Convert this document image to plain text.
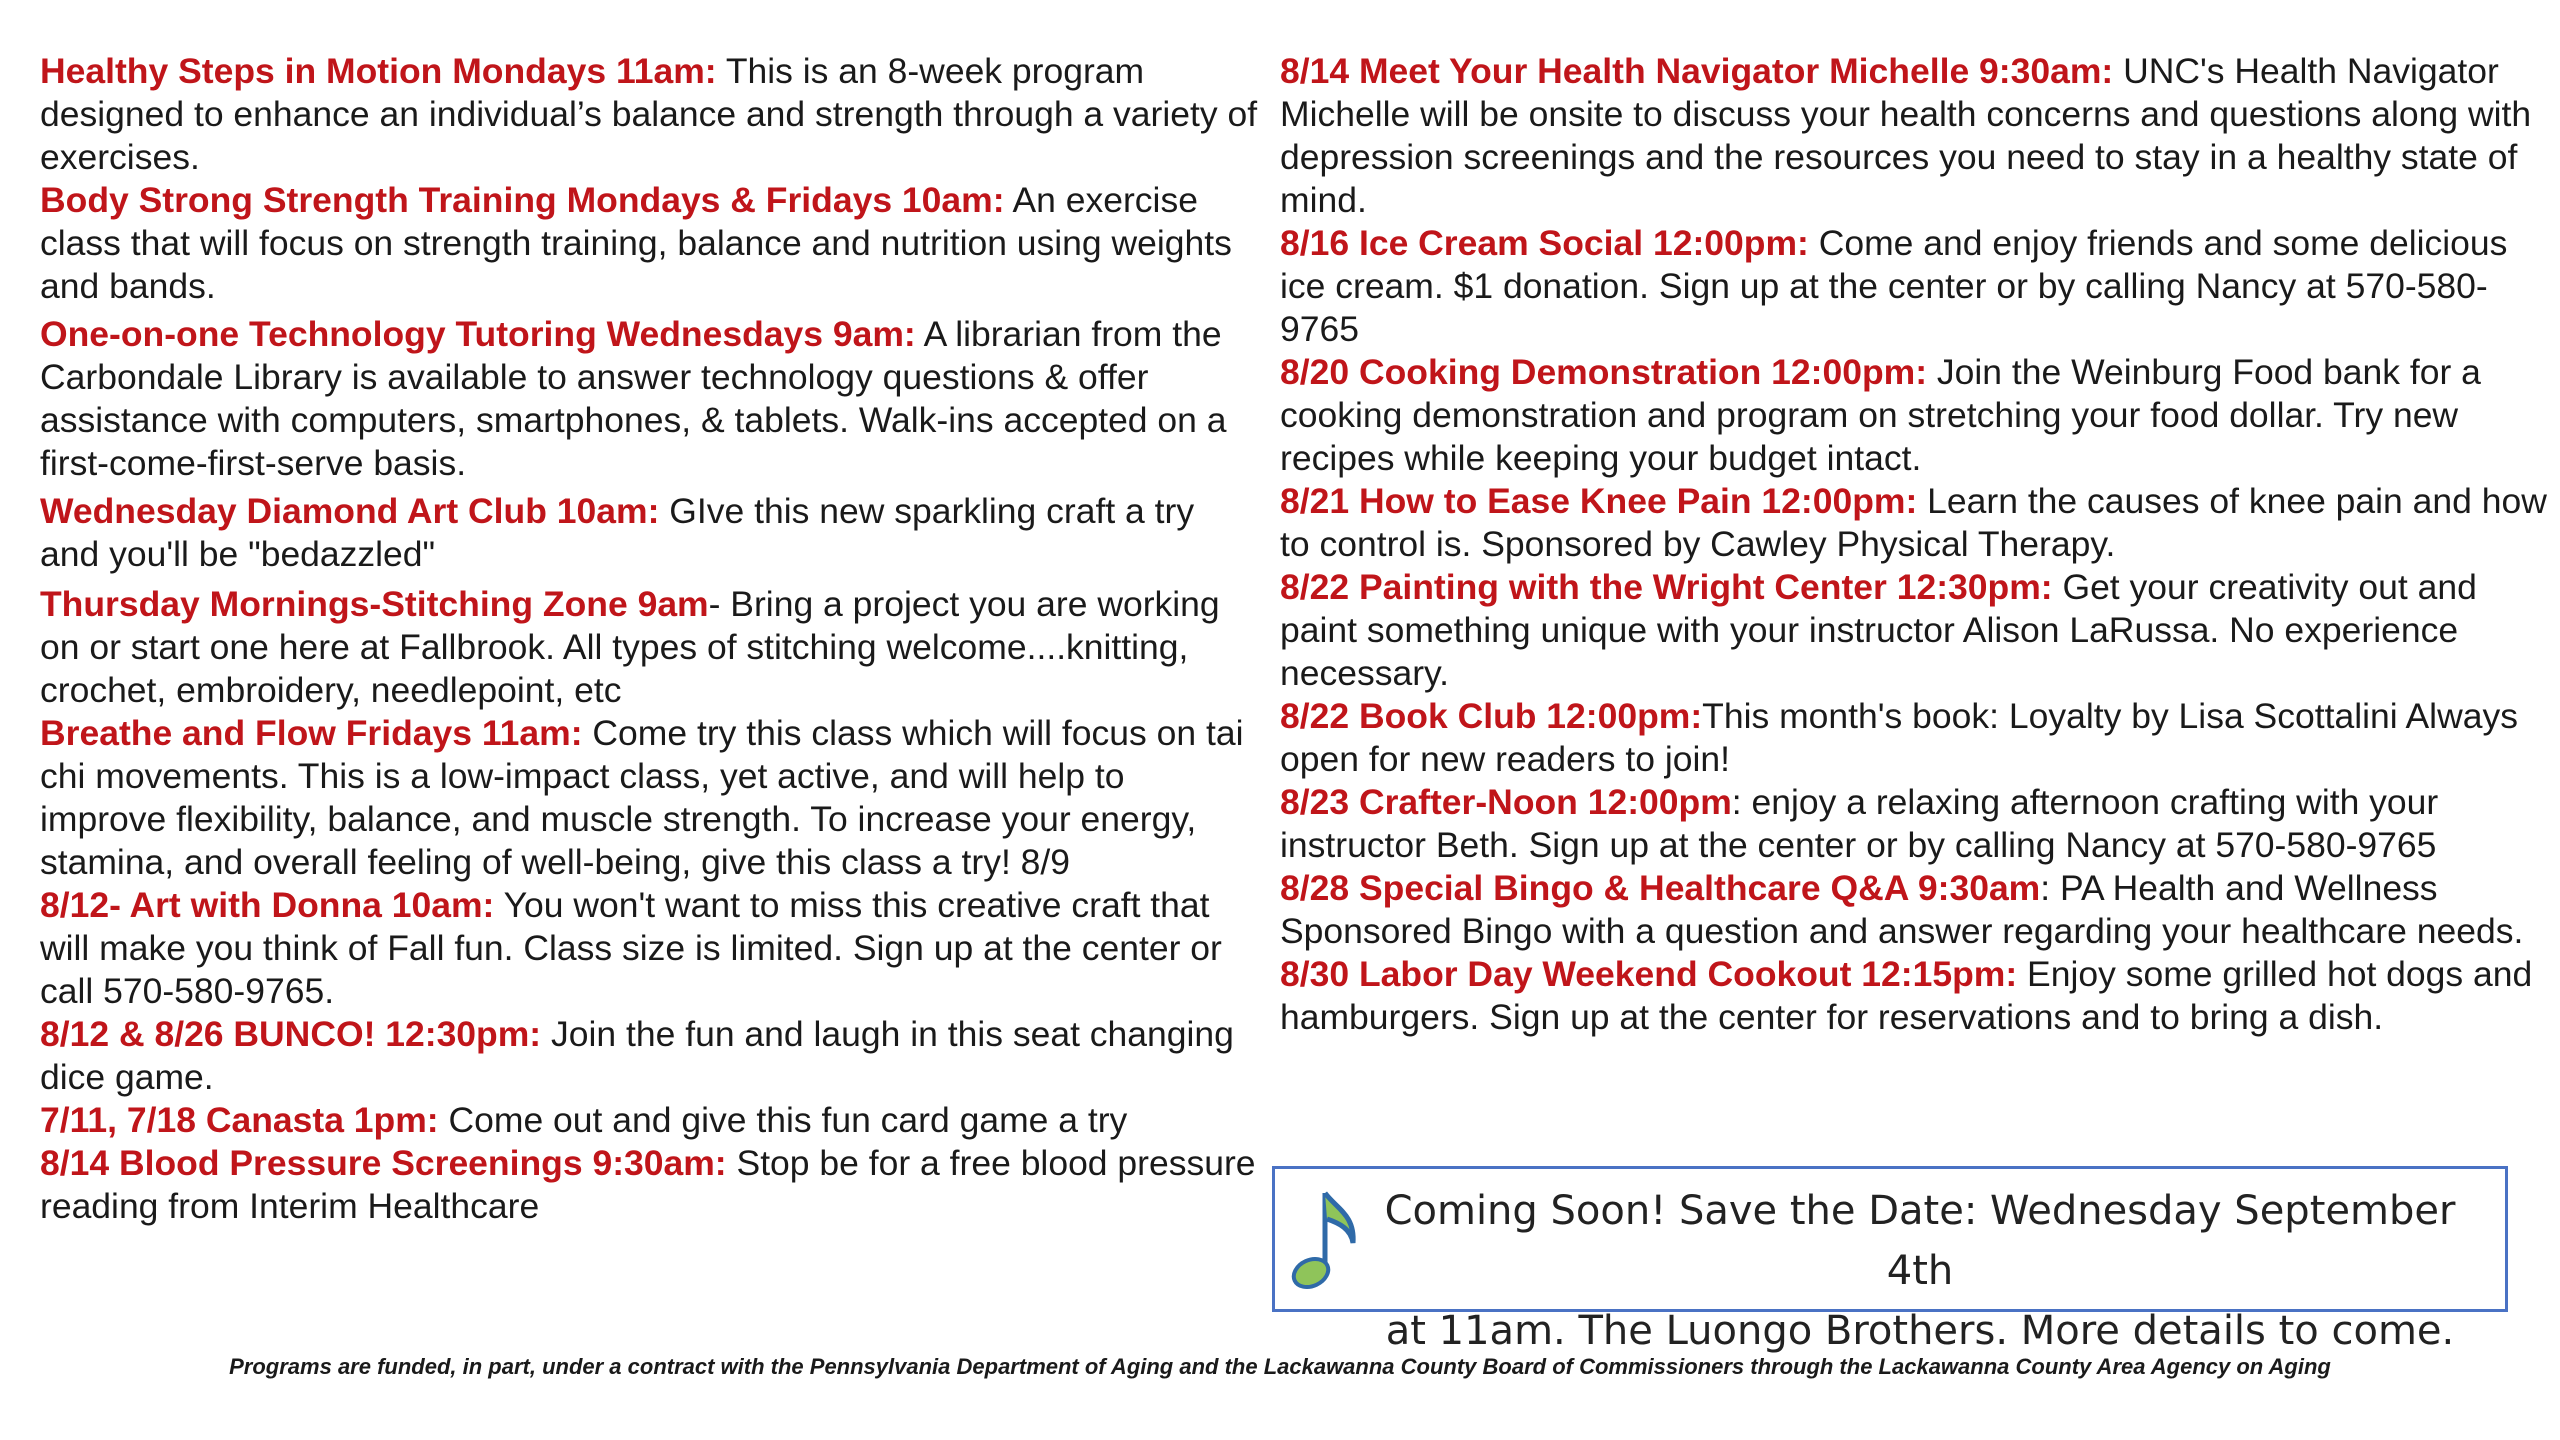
Healthy Steps in Motion Mondays 11am: This is an 8-week program designed to enhance an individual’s balance and strength through a variety of exercises.

Body Strong Strength Training Mondays & Fridays 10am: An exercise class that will focus on strength training, balance and nutrition using weights and bands.

One-on-one Technology Tutoring Wednesdays 9am: A librarian from the Carbondale Library is available to answer technology questions & offer assistance with computers, smartphones, & tablets. Walk-ins accepted on a first-come-first-serve basis.

Wednesday Diamond Art Club 10am: GIve this new sparkling craft a try and you'll be "bedazzled"

Thursday Mornings-Stitching Zone 9am- Bring a project you are working on or start one here at Fallbrook. All types of stitching welcome....knitting, crochet, embroidery, needlepoint, etc

Breathe and Flow Fridays 11am: Come try this class which will focus on tai chi movements. This is a low-impact class, yet active, and will help to improve flexibility, balance, and muscle strength. To increase your energy, stamina, and overall feeling of well-being, give this class a try! 8/9

8/12- Art with Donna 10am: You won't want to miss this creative craft that will make you think of Fall fun. Class size is limited. Sign up at the center or call 570-580-9765.

8/12 & 8/26 BUNCO! 12:30pm: Join the fun and laugh in this seat changing dice game.

7/11, 7/18 Canasta 1pm: Come out and give this fun card game a try

8/14 Blood Pressure Screenings 9:30am: Stop be for a free blood pressure reading from Interim Healthcare

8/14 Meet Your Health Navigator Michelle 9:30am: UNC's Health Navigator Michelle will be onsite to discuss your health concerns and questions along with depression screenings and the resources you need to stay in a healthy state of mind.

8/16 Ice Cream Social 12:00pm: Come and enjoy friends and some delicious ice cream. $1 donation. Sign up at the center or by calling Nancy at 570-580-9765

8/20 Cooking Demonstration 12:00pm: Join the Weinburg Food bank for a cooking demonstration and program on stretching your food dollar. Try new recipes while keeping your budget intact.

8/21 How to Ease Knee Pain 12:00pm: Learn the causes of knee pain and how to control is. Sponsored by Cawley Physical Therapy.

8/22 Painting with the Wright Center 12:30pm: Get your creativity out and paint something unique with your instructor Alison LaRussa. No experience necessary.

8/22 Book Club 12:00pm:This month's book: Loyalty by Lisa Scottalini Always open for new readers to join!

8/23 Crafter-Noon 12:00pm: enjoy a relaxing afternoon crafting with your instructor Beth. Sign up at the center or by calling Nancy at 570-580-9765

8/28 Special Bingo & Healthcare Q&A 9:30am: PA Health and Wellness Sponsored Bingo with a question and answer regarding your healthcare needs.

8/30 Labor Day Weekend Cookout 12:15pm: Enjoy some grilled hot dogs and hamburgers. Sign up at the center for reservations and to bring a dish.

Coming Soon! Save the Date: Wednesday September 4th
at 11am. The Luongo Brothers. More details to come.
Programs are funded, in part, under a contract with the Pennsylvania Department of Aging and the Lackawanna County Board of Commissioners through the Lackawanna County Area Agency on Aging
